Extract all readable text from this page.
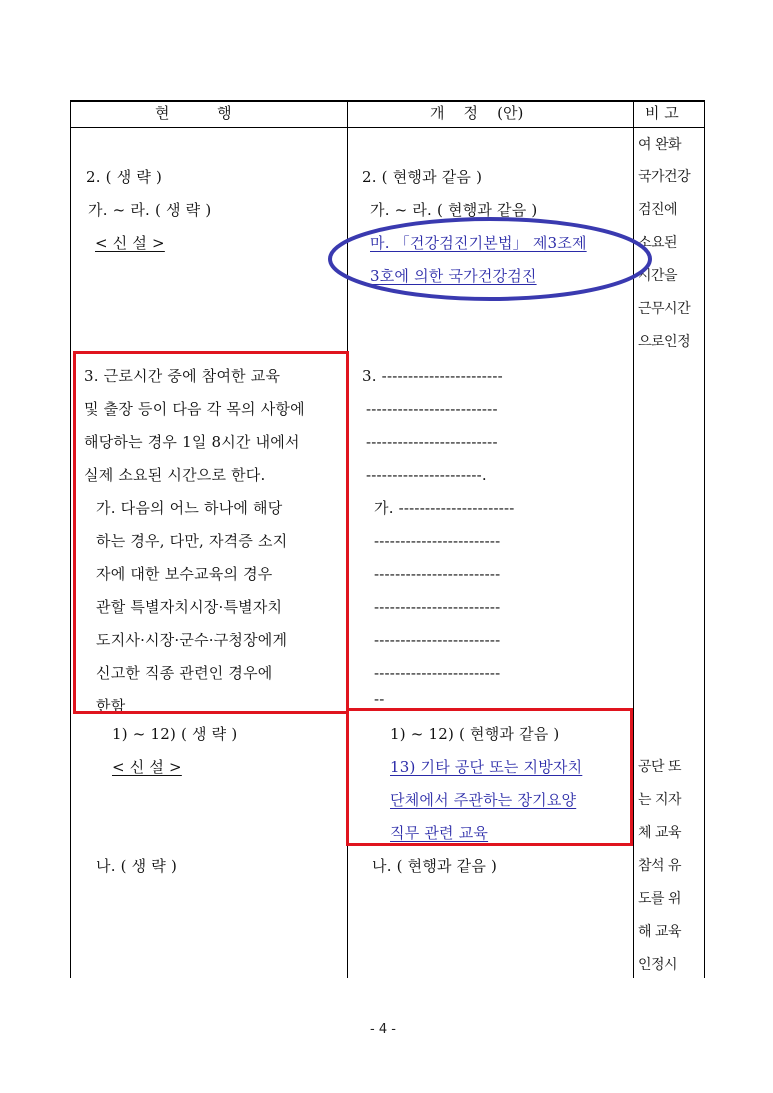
현          행	개    정    (안)	비 고
2. ( 생 략 )
가. ~ 라. ( 생 략 )
< 신 설 >
3. 근로시간 중에 참여한 교육
및 출장 등이 다음 각 목의 사항에
해당하는 경우 1일 8시간 내에서
실제 소요된 시간으로 한다.
가. 다음의 어느 하나에 해당
하는 경우, 다만, 자격증 소지
자에 대한 보수교육의 경우
관할 특별자치시장·특별자치
도지사·시장·군수·구청장에게
신고한 직종 관련인 경우에
한함
1) ~ 12) ( 생 략 )
< 신 설 >
나. ( 생 략 )
2. ( 현행과 같음 )
가. ~ 라. ( 현행과 같음 )
마. 「건강검진기본법」 제3조제
3호에 의한 국가건강검진
3. -----------------------
-------------------------
-------------------------
----------------------.
가. ----------------------
------------------------
------------------------
------------------------
------------------------
------------------------
--
1) ~ 12) ( 현행과 같음 )
13) 기타 공단 또는 지방자치
단체에서 주관하는 장기요양
직무 관련 교육
나. ( 현행과 같음 )
여 완화
국가건강
검진에
소요된
시간을
근무시간
으로인정
공단 또
는 지자
체 교육
참석 유
도를 위
해 교육
인정시
- 4 -
